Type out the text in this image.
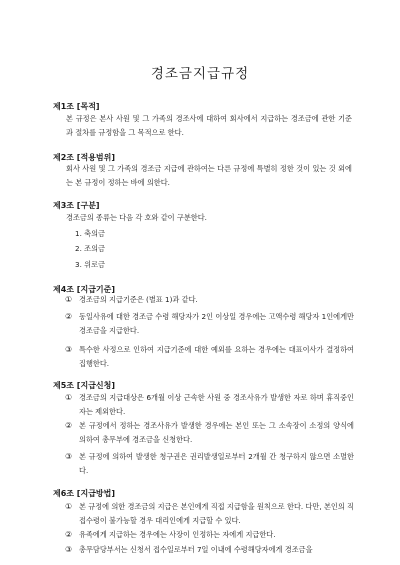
경조금지급규정
제1조 [목적]
본 규정은 본사 사원 및 그 가족의 경조사에 대하여 회사에서 지급하는 경조금에 관한 기준과 절차를 규정함을 그 목적으로 한다.
제2조 [적용범위]
회사 사원 및 그 가족의 경조금 지급에 관하여는 다른 규정에 특별히 정한 것이 있는 것 외에는 본 규정이 정하는 바에 의한다.
제3조 [구분]
경조금의 종류는 다음 각 호와 같이 구분한다.
1. 축의금
2. 조의금
3. 위로금
제4조 [지급기준]
① 경조금의 지급기준은 (별표 1)과 같다.
② 동일사유에 대한 경조금 수령 해당자가 2인 이상일 경우에는 고액수령 해당자 1인에게만 경조금을 지급한다.
③ 특수한 사정으로 인하여 지급기준에 대한 예외를 요하는 경우에는 대표이사가 결정하여 집행한다.
제5조 [지급신청]
① 경조금의 지급대상은 6개월 이상 근속한 사원 중 경조사유가 발생한 자로 하며 휴직중인 자는 제외한다.
② 본 규정에서 정하는 경조사유가 발생한 경우에는 본인 또는 그 소속장이 소정의 양식에 의하여 총무부에 경조금을 신청한다.
③ 본 규정에 의하여 발생한 청구권은 권리발생일로부터 2개월 간 청구하지 않으면 소멸한다.
제6조 [지급방법]
① 본 규정에 의한 경조금의 지급은 본인에게 직접 지급함을 원칙으로 한다. 다만, 본인의 직접수령이 불가능할 경우 대리인에게 지급할 수 있다.
② 유족에게 지급하는 경우에는 사장이 인정하는 자에게 지급한다.
③ 총무담당부서는 신청서 접수일로부터 7일 이내에 수령해당자에게 경조금을
